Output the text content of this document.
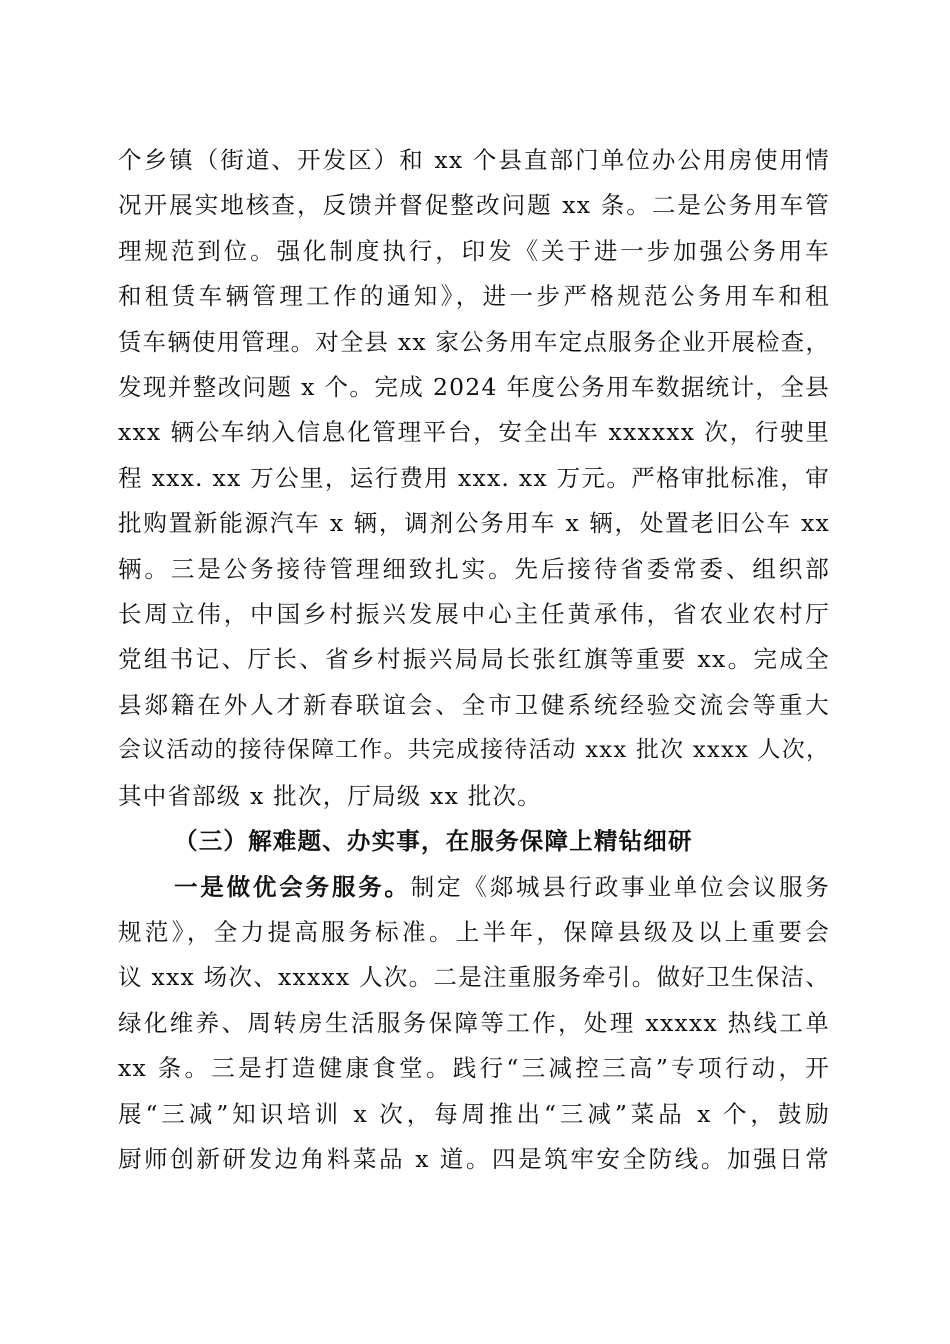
个乡镇（街道、开发区）和 xx 个县直部门单位办公用房使用情
况开展实地核查，反馈并督促整改问题 xx 条。二是公务用车管
理规范到位。强化制度执行，印发《关于进一步加强公务用车
和租赁车辆管理工作的通知》，进一步严格规范公务用车和租
赁车辆使用管理。对全县 xx 家公务用车定点服务企业开展检查，
发现并整改问题 x 个。完成 2024 年度公务用车数据统计，全县
xxx 辆公车纳入信息化管理平台，安全出车 xxxxxx 次，行驶里
程 xxx. xx 万公里，运行费用 xxx. xx 万元。严格审批标准，审
批购置新能源汽车 x 辆，调剂公务用车 x 辆，处置老旧公车 xx
辆。三是公务接待管理细致扎实。先后接待省委常委、组织部
长周立伟，中国乡村振兴发展中心主任黄承伟，省农业农村厅
党组书记、厅长、省乡村振兴局局长张红旗等重要 xx。完成全
县郯籍在外人才新春联谊会、全市卫健系统经验交流会等重大
会议活动的接待保障工作。共完成接待活动 xxx 批次 xxxx 人次，
其中省部级 x 批次，厅局级 xx 批次。

（三）解难题、办实事，在服务保障上精钻细研

一是做优会务服务。制定《郯城县行政事业单位会议服务
规范》，全力提高服务标准。上半年，保障县级及以上重要会
议 xxx 场次、xxxxx 人次。二是注重服务牵引。做好卫生保洁、
绿化维养、周转房生活服务保障等工作，处理 xxxxx 热线工单
xx 条。三是打造健康食堂。践行“三减控三高”专项行动，开
展“三减”知识培训 x 次，每周推出“三减”菜品 x 个，鼓励
厨师创新研发边角料菜品 x 道。四是筑牢安全防线。加强日常
